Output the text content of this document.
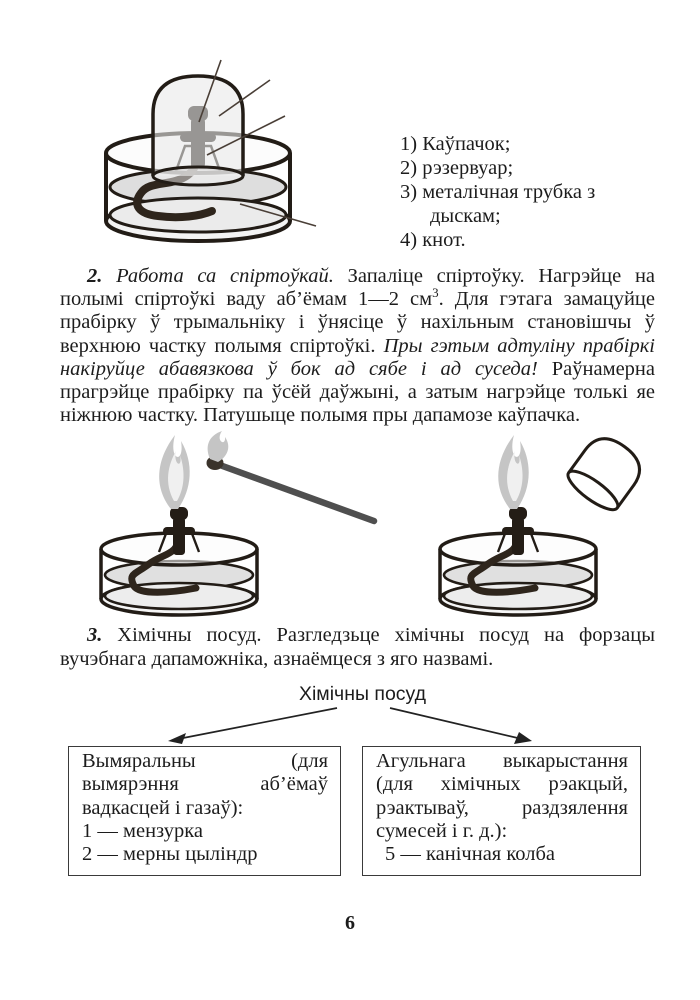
1) Каўпачок;
2) рэзервуар;
3) металічная трубка з дыскам;
4) кнот.

2. Работа са спіртоўкай. Запаліце спіртоўку. Нагрэйце на полымі спіртоўкі ваду аб’ёмам 1—2 $см^3$. Для гэтага замацуйце прабірку ў трымальніку і ўнясіце ў нахільным становішчы ў верхнюю частку полымя спіртоўкі. Пры гэтым адтуліну прабіркі накіруйце абавязкова ў бок ад сябе і ад суседа! Раўнамерна прагрэйце прабірку па ўсёй даўжыні, а затым нагрэйце толькі яе ніжнюю частку. Патушыце полымя пры дапамозе каўпачка.

3. Хімічны посуд. Разгледзьце хімічны посуд на форзацы вучэбнага дапаможніка, азнаёмцеся з яго назвамі.

Хімічны посуд

Вымяральны (для вымярэння аб’ёмаў вадкасцей і газаў):

1 — мензурка

2 — мерны цыліндр

Агульнага выкарыстання (для хімічных рэакцый, рэактываў, раздзялення сумесей і г. д.):

5 — канічная колба

6
